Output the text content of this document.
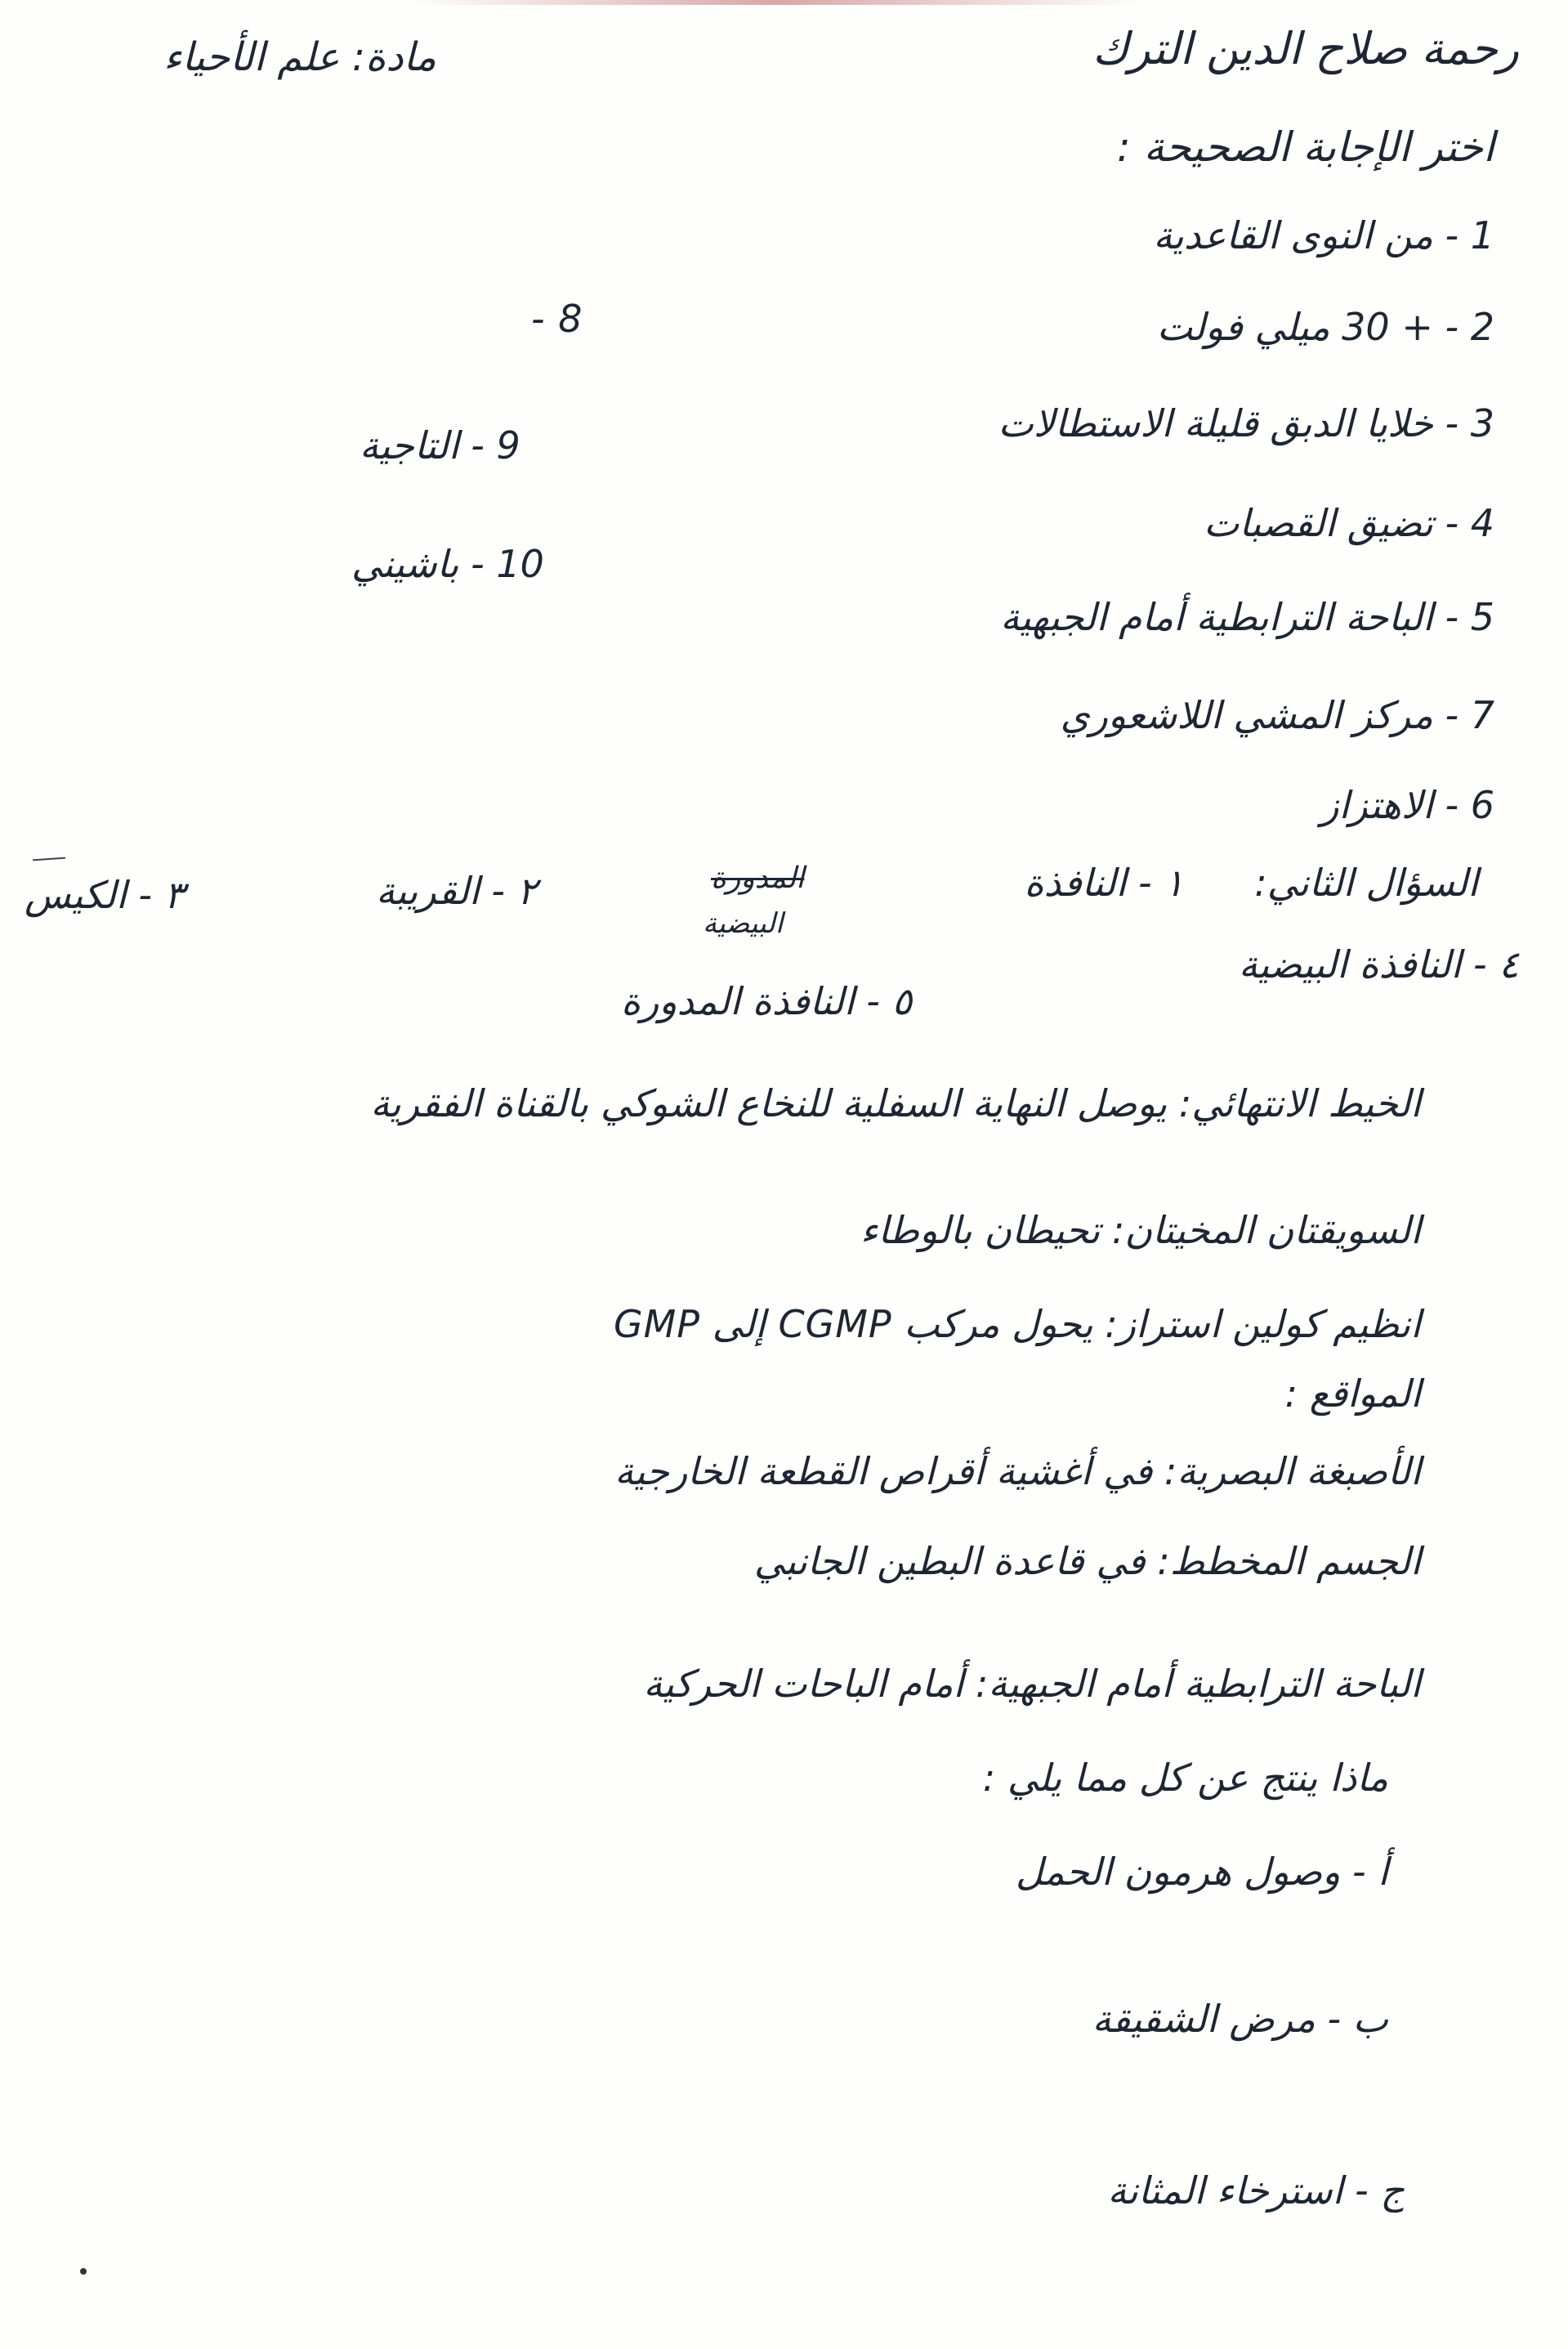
رحمة صلاح الدين الترك
مادة: علم الأحياء
اختر الإجابة الصحيحة :
1 - من النوى القاعدية
2 - + 30 ميلي فولت
3 - خلايا الدبق قليلة الاستطالات
4 - تضيق القصبات
5 - الباحة الترابطية أمام الجبهية
7 - مركز المشي اللاشعوري
6 - الاهتزاز
8 -
9 - التاجية
10 - باشيني
السؤال الثاني:
١ - النافذة
المدورة
البيضية
٢ - القريبة
٣ - الكيس
٤ - النافذة البيضية
٥ - النافذة المدورة
الخيط الانتهائي: يوصل النهاية السفلية للنخاع الشوكي بالقناة الفقرية
السويقتان المخيتان: تحيطان بالوطاء
انظيم كولين استراز: يحول مركب CGMP إلى GMP
المواقع :
الأصبغة البصرية: في أغشية أقراص القطعة الخارجية
الجسم المخطط: في قاعدة البطين الجانبي
الباحة الترابطية أمام الجبهية: أمام الباحات الحركية
ماذا ينتج عن كل مما يلي :
أ - وصول هرمون الحمل
ب - مرض الشقيقة
ج - استرخاء المثانة
